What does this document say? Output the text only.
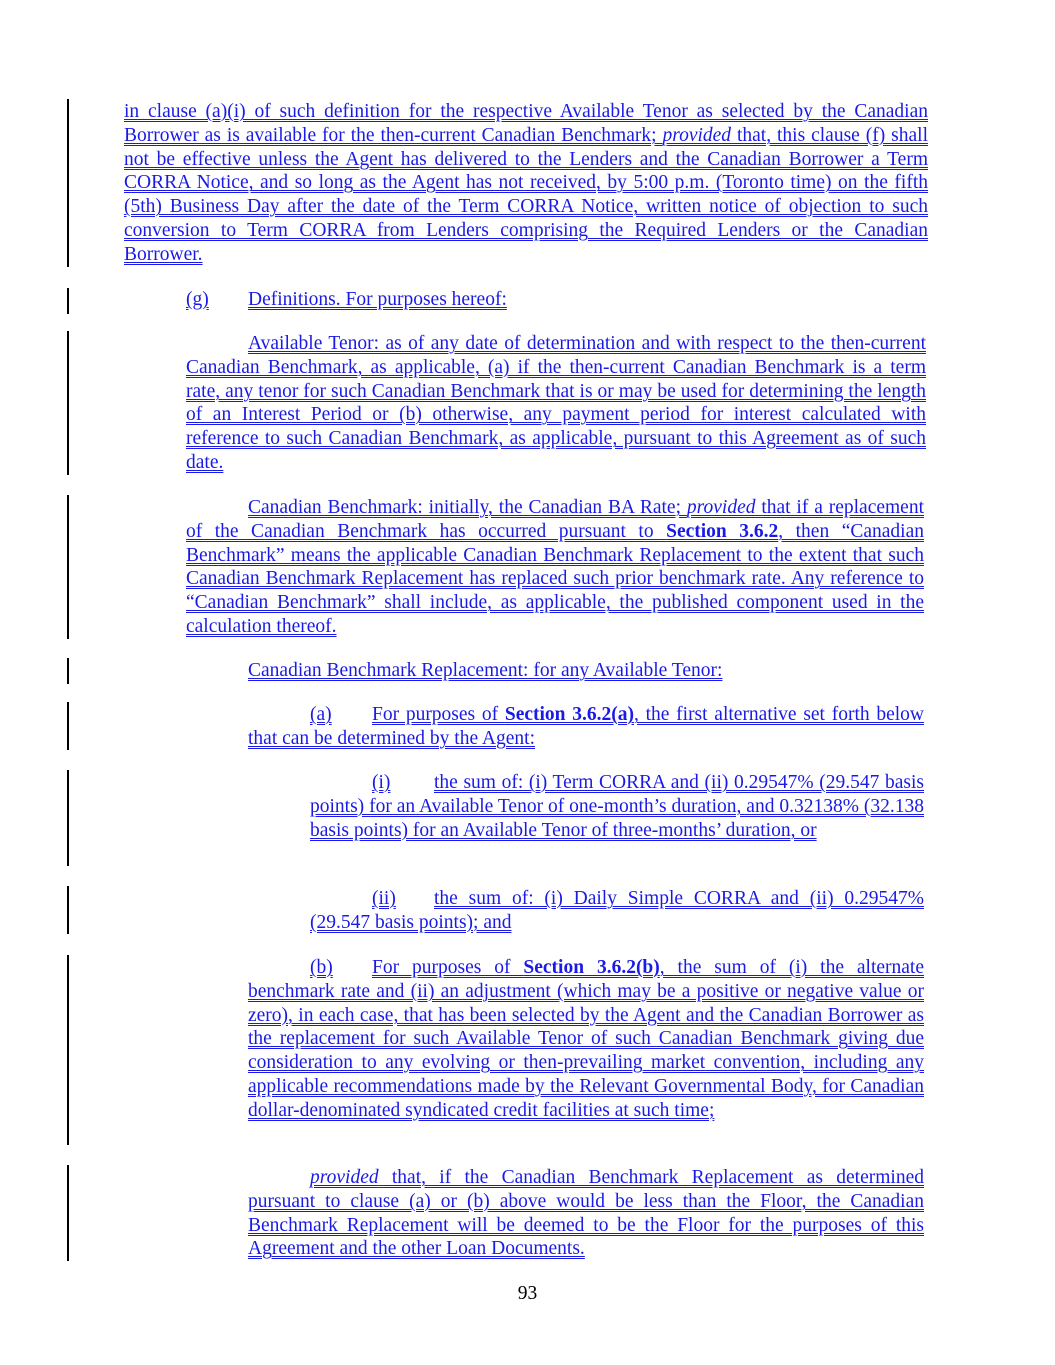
in clause (a)(i) of such definition for the respective Available Tenor as selected by the Canadian Borrower as is available for the then-current Canadian Benchmark; provided that, this clause (f) shall not be effective unless the Agent has delivered to the Lenders and the Canadian Borrower a Term CORRA Notice, and so long as the Agent has not received, by 5:00 p.m. (Toronto time) on the fifth (5th) Business Day after the date of the Term CORRA Notice, written notice of objection to such conversion to Term CORRA from Lenders comprising the Required Lenders or the Canadian Borrower.

(g) Definitions. For purposes hereof:

Available Tenor: as of any date of determination and with respect to the then-current Canadian Benchmark, as applicable, (a) if the then-current Canadian Benchmark is a term rate, any tenor for such Canadian Benchmark that is or may be used for determining the length of an Interest Period or (b) otherwise, any payment period for interest calculated with reference to such Canadian Benchmark, as applicable, pursuant to this Agreement as of such date.

Canadian Benchmark: initially, the Canadian BA Rate; provided that if a replacement of the Canadian Benchmark has occurred pursuant to Section 3.6.2, then “Canadian Benchmark” means the applicable Canadian Benchmark Replacement to the extent that such Canadian Benchmark Replacement has replaced such prior benchmark rate. Any reference to “Canadian Benchmark” shall include, as applicable, the published component used in the calculation thereof.

Canadian Benchmark Replacement: for any Available Tenor:

(a) For purposes of Section 3.6.2(a), the first alternative set forth below that can be determined by the Agent:

(i) the sum of: (i) Term CORRA and (ii) 0.29547% (29.547 basis points) for an Available Tenor of one-month’s duration, and 0.32138% (32.138 basis points) for an Available Tenor of three-months’ duration, or

(ii) the sum of: (i) Daily Simple CORRA and (ii) 0.29547% (29.547 basis points); and

(b) For purposes of Section 3.6.2(b), the sum of (i) the alternate benchmark rate and (ii) an adjustment (which may be a positive or negative value or zero), in each case, that has been selected by the Agent and the Canadian Borrower as the replacement for such Available Tenor of such Canadian Benchmark giving due consideration to any evolving or then-prevailing market convention, including any applicable recommendations made by the Relevant Governmental Body, for Canadian dollar-denominated syndicated credit facilities at such time;

provided that, if the Canadian Benchmark Replacement as determined pursuant to clause (a) or (b) above would be less than the Floor, the Canadian Benchmark Replacement will be deemed to be the Floor for the purposes of this Agreement and the other Loan Documents.

93
